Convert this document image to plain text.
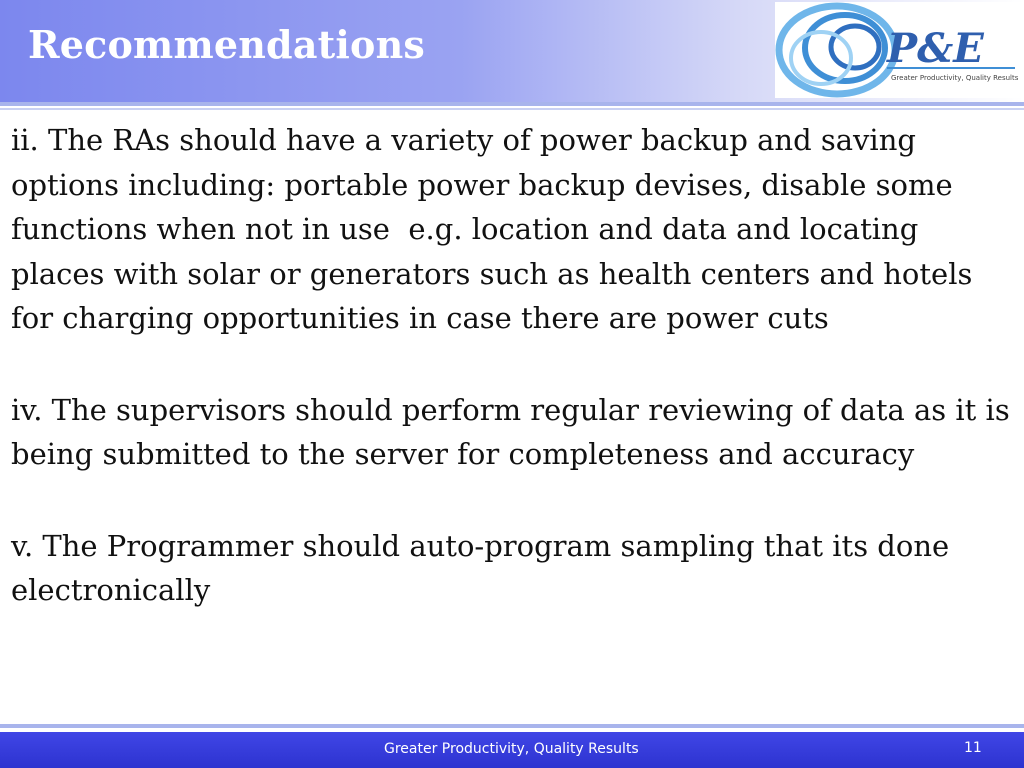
Recommendations	P&E
Greater Productivity, Quality Results

ii. The RAs should have a variety of power backup and saving options including: portable power backup devises, disable some functions when not in use  e.g. location and data and locating places with solar or generators such as health centers and hotels for charging opportunities in case there are power cuts

iv. The supervisors should perform regular reviewing of data as it is being submitted to the server for completeness and accuracy

v. The Programmer should auto-program sampling that its done electronically

Greater Productivity, Quality Results	11
